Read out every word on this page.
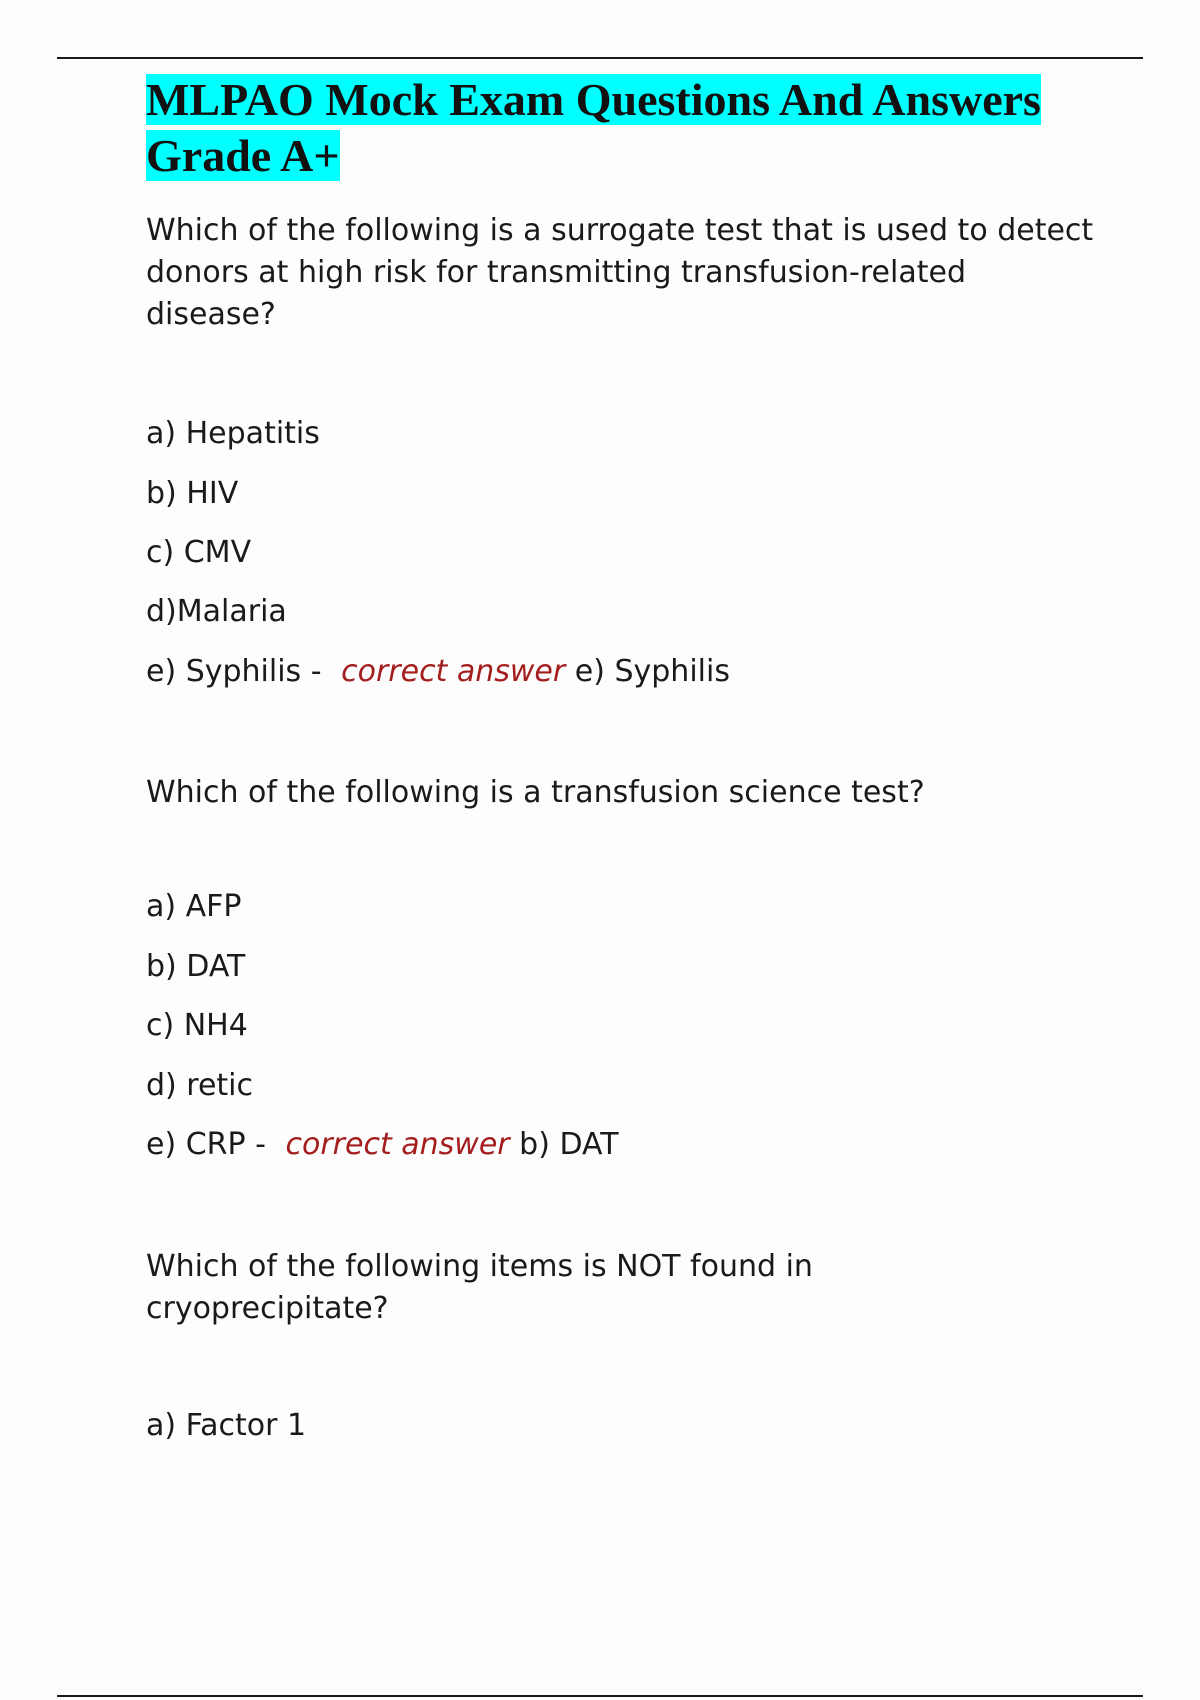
MLPAO Mock Exam Questions And Answers Grade A+

Which of the following is a surrogate test that is used to detect donors at high risk for transmitting transfusion-related disease?

a) Hepatitis

b) HIV

c) CMV

d)Malaria

e) Syphilis - correct answer e) Syphilis

Which of the following is a transfusion science test?

a) AFP

b) DAT

c) NH4

d) retic

e) CRP - correct answer b) DAT

Which of the following items is NOT found in cryoprecipitate?

a) Factor 1
